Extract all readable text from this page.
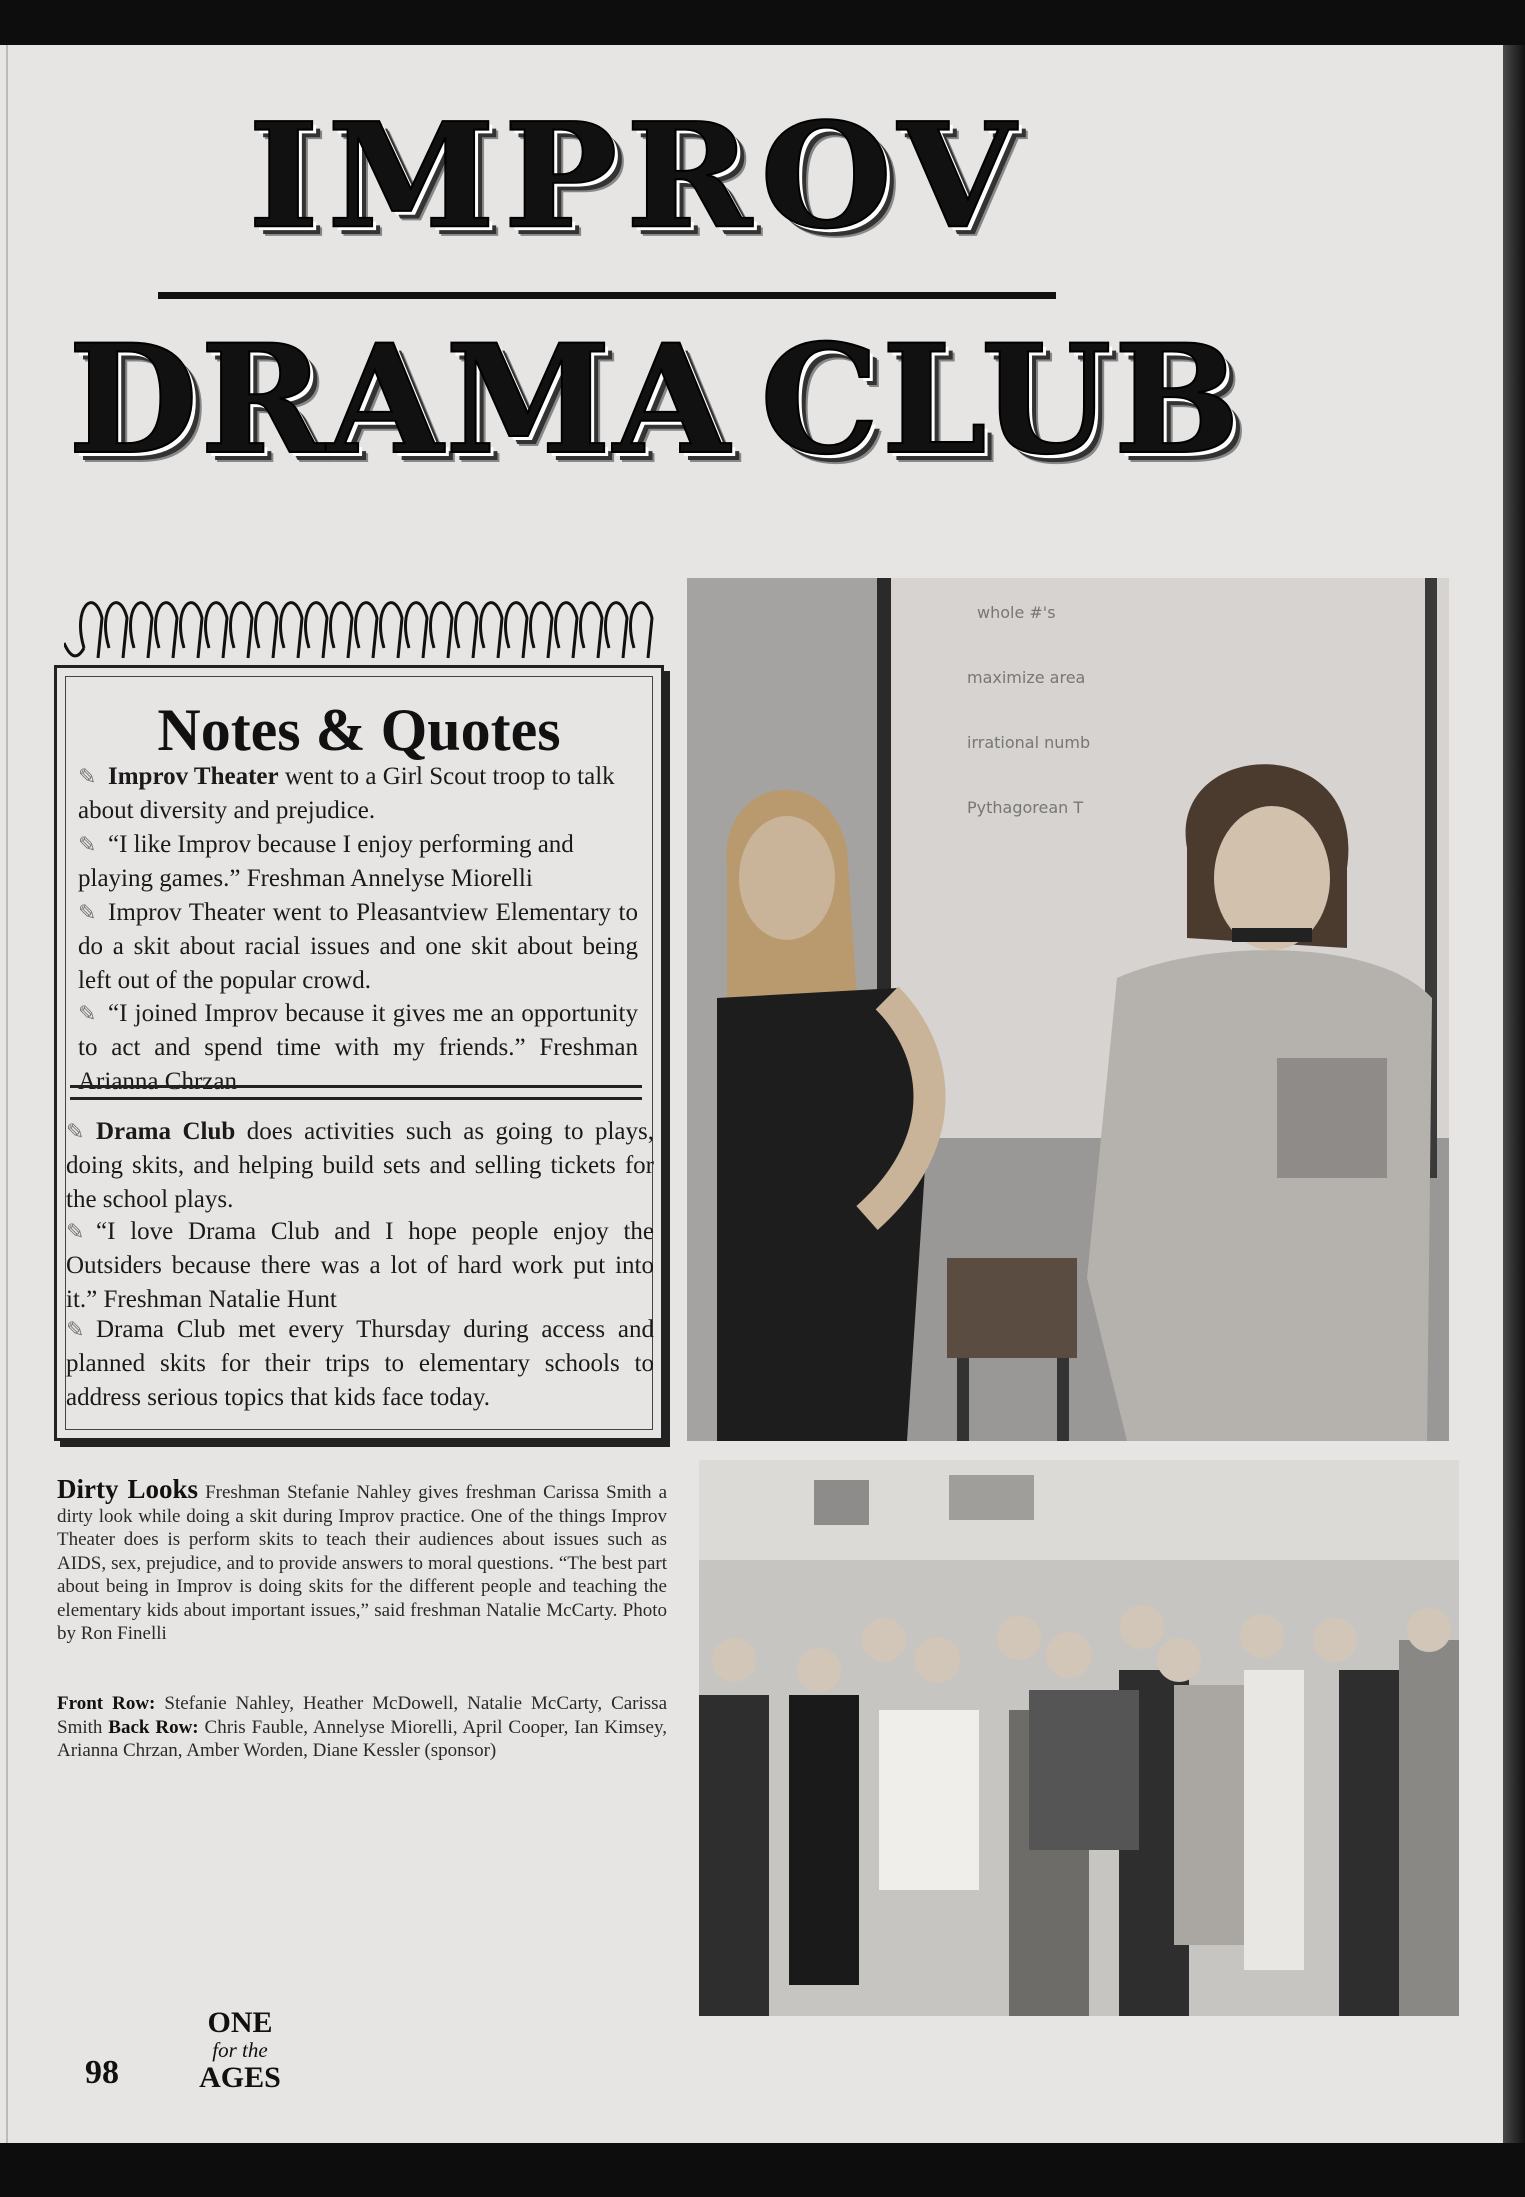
IMPROV
DRAMA CLUB
Notes & Quotes
✎ Improv Theater went to a Girl Scout troop to talk about diversity and prejudice.
✎ “I like Improv because I enjoy performing and playing games.” Freshman Annelyse Miorelli
✎ Improv Theater went to Pleasantview Elementary to do a skit about racial issues and one skit about being left out of the popular crowd.
✎ “I joined Improv because it gives me an opportunity to act and spend time with my friends.” Freshman Arianna Chrzan
✎ Drama Club does activities such as going to plays, doing skits, and helping build sets and selling tickets for the school plays.
✎ “I love Drama Club and I hope people enjoy the Outsiders because there was a lot of hard work put into it.” Freshman Natalie Hunt
✎ Drama Club met every Thursday during access and planned skits for their trips to elementary schools to address serious topics that kids face today.
whole #'s
maximize area
irrational numb
Pythagorean T
Dirty Looks Freshman Stefanie Nahley gives freshman Carissa Smith a dirty look while doing a skit during Improv practice. One of the things Improv Theater does is perform skits to teach their audiences about issues such as AIDS, sex, prejudice, and to provide answers to moral questions. “The best part about being in Improv is doing skits for the different people and teaching the elementary kids about important issues,” said freshman Natalie McCarty. Photo by Ron Finelli
Front Row: Stefanie Nahley, Heather McDowell, Natalie McCarty, Carissa Smith Back Row: Chris Fauble, Annelyse Miorelli, April Cooper, Ian Kimsey, Arianna Chrzan, Amber Worden, Diane Kessler (sponsor)
98
ONE
for the
AGES
